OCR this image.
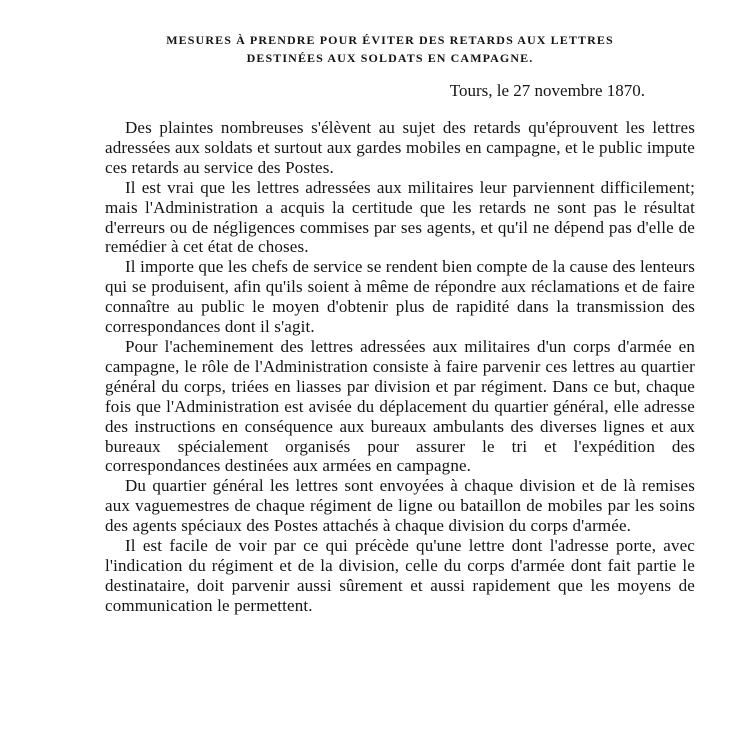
MESURES À PRENDRE POUR ÉVITER DES RETARDS AUX LETTRES
DESTINÉES AUX SOLDATS EN CAMPAGNE.
Tours, le 27 novembre 1870.

Des plaintes nombreuses s'élèvent au sujet des retards qu'éprouvent les lettres adressées aux soldats et surtout aux gardes mobiles en campagne, et le public impute ces retards au service des Postes.

Il est vrai que les lettres adressées aux militaires leur parviennent difficilement; mais l'Administration a acquis la certitude que les retards ne sont pas le résultat d'erreurs ou de négligences commises par ses agents, et qu'il ne dépend pas d'elle de remédier à cet état de choses.

Il importe que les chefs de service se rendent bien compte de la cause des lenteurs qui se produisent, afin qu'ils soient à même de répondre aux réclamations et de faire connaître au public le moyen d'obtenir plus de rapidité dans la transmission des correspondances dont il s'agit.

Pour l'acheminement des lettres adressées aux militaires d'un corps d'armée en campagne, le rôle de l'Administration consiste à faire parvenir ces lettres au quartier général du corps, triées en liasses par division et par régiment. Dans ce but, chaque fois que l'Administration est avisée du déplacement du quartier général, elle adresse des instructions en conséquence aux bureaux ambulants des diverses lignes et aux bureaux spécialement organisés pour assurer le tri et l'expédition des correspondances destinées aux armées en campagne.

Du quartier général les lettres sont envoyées à chaque division et de là remises aux vaguemestres de chaque régiment de ligne ou bataillon de mobiles par les soins des agents spéciaux des Postes attachés à chaque division du corps d'armée.

Il est facile de voir par ce qui précède qu'une lettre dont l'adresse porte, avec l'indication du régiment et de la division, celle du corps d'armée dont fait partie le destinataire, doit parvenir aussi sûrement et aussi rapidement que les moyens de communication le permettent.
